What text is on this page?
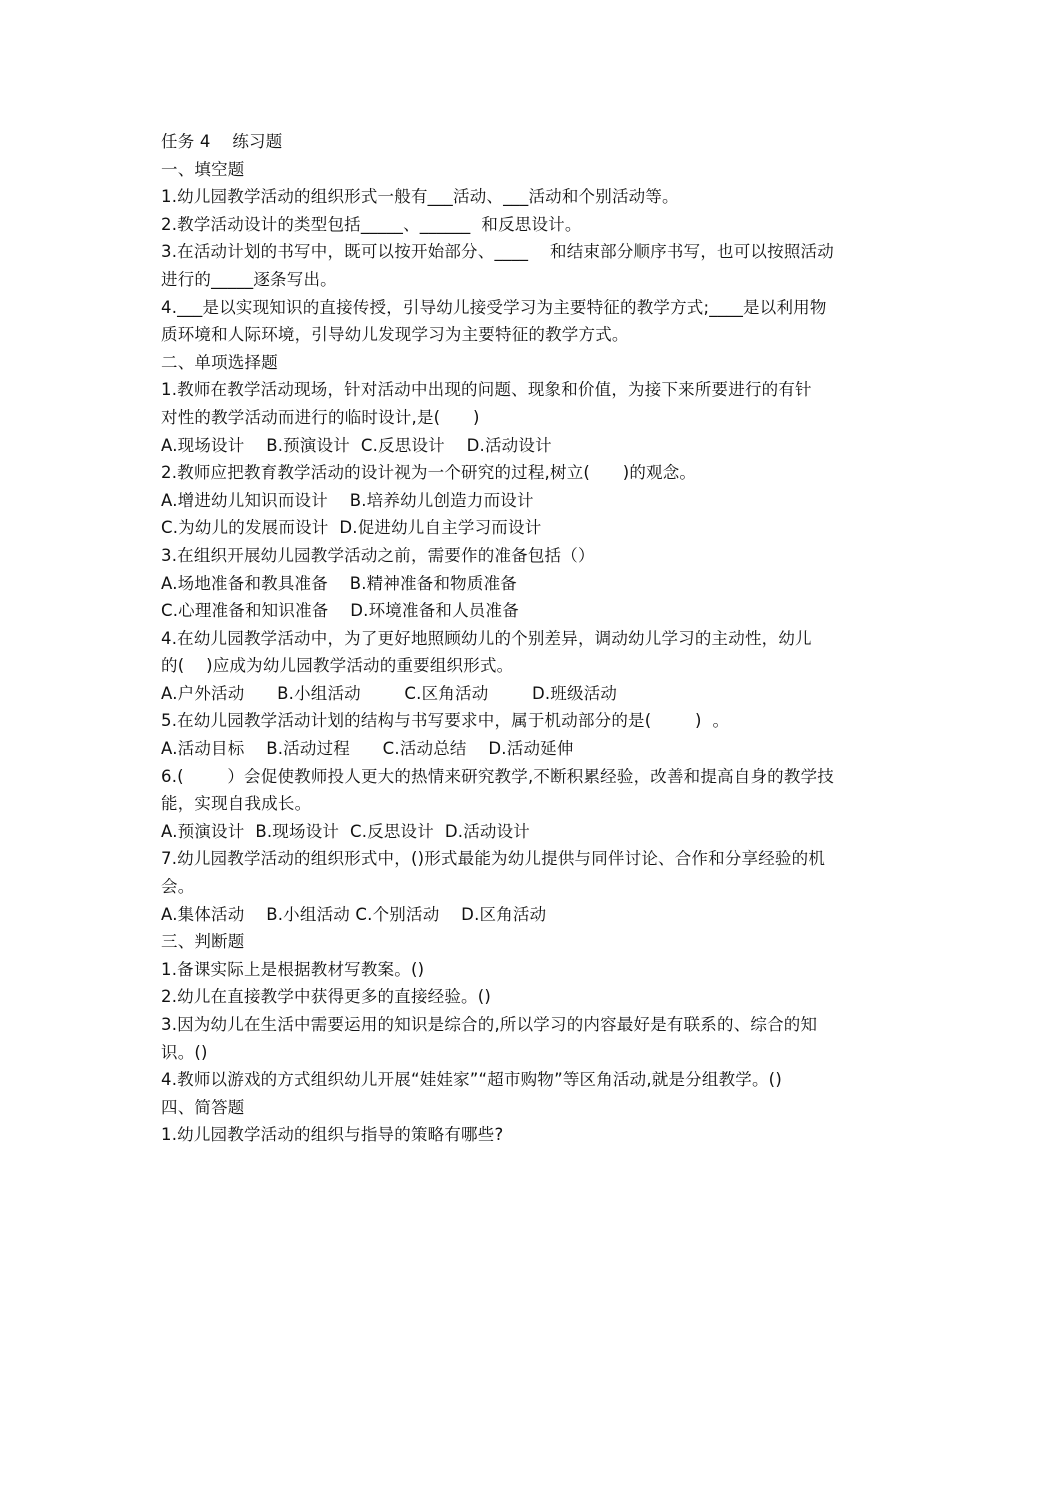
任务 4    练习题

一、填空题

1.幼儿园教学活动的组织形式一般有___活动、___活动和个别活动等。

2.教学活动设计的类型包括_____、______  和反思设计。

3.在活动计划的书写中，既可以按开始部分、____    和结束部分顺序书写，也可以按照活动

进行的_____逐条写出。

4.___是以实现知识的直接传授，引导幼儿接受学习为主要特征的教学方式;____是以利用物

质环境和人际环境，引导幼儿发现学习为主要特征的教学方式。

二、单项选择题

1.教师在教学活动现场，针对活动中出现的问题、现象和价值，为接下来所要进行的有针

对性的教学活动而进行的临时设计,是(      )

A.现场设计    B.预演设计  C.反思设计    D.活动设计

2.教师应把教育教学活动的设计视为一个研究的过程,树立(      )的观念。

A.增进幼儿知识而设计    B.培养幼儿创造力而设计

C.为幼儿的发展而设计  D.促进幼儿自主学习而设计

3.在组织开展幼儿园教学活动之前，需要作的准备包括（）

A.场地准备和教具准备    B.精神准备和物质准备

C.心理准备和知识准备    D.环境准备和人员准备

4.在幼儿园教学活动中，为了更好地照顾幼儿的个别差异，调动幼儿学习的主动性，幼儿

的(    )应成为幼儿园教学活动的重要组织形式。

A.户外活动      B.小组活动        C.区角活动        D.班级活动

5.在幼儿园教学活动计划的结构与书写要求中，属于机动部分的是(        )  。

A.活动目标    B.活动过程      C.活动总结    D.活动延伸

6.(        ）会促使教师投人更大的热情来研究教学,不断积累经验，改善和提高自身的教学技

能，实现自我成长。

A.预演设计  B.现场设计  C.反思设计  D.活动设计

7.幼儿园教学活动的组织形式中，()形式最能为幼儿提供与同伴讨论、合作和分享经验的机

会。

A.集体活动    B.小组活动 C.个别活动    D.区角活动

三、判断题

1.备课实际上是根据教材写教案。()

2.幼儿在直接教学中获得更多的直接经验。()

3.因为幼儿在生活中需要运用的知识是综合的,所以学习的内容最好是有联系的、综合的知

识。()

4.教师以游戏的方式组织幼儿开展“娃娃家”“超市购物”等区角活动,就是分组教学。()

四、简答题

1.幼儿园教学活动的组织与指导的策略有哪些?
